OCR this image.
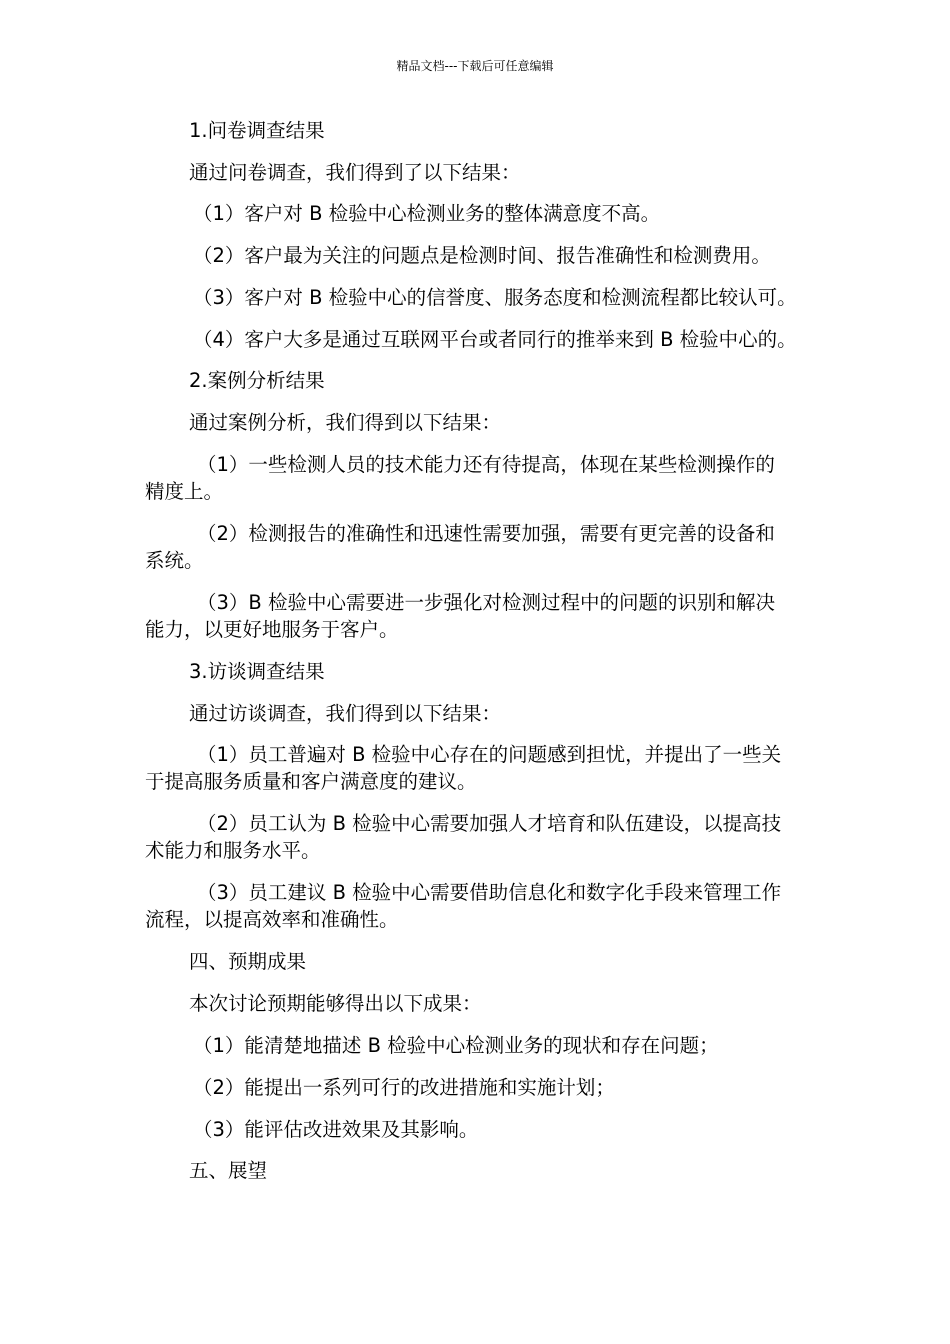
精品文档---下载后可任意编辑
1.问卷调查结果
通过问卷调查，我们得到了以下结果：
（1）客户对 B 检验中心检测业务的整体满意度不高。
（2）客户最为关注的问题点是检测时间、报告准确性和检测费用。
（3）客户对 B 检验中心的信誉度、服务态度和检测流程都比较认可。
（4）客户大多是通过互联网平台或者同行的推举来到 B 检验中心的。
2.案例分析结果
通过案例分析，我们得到以下结果：
（1）一些检测人员的技术能力还有待提高，体现在某些检测操作的
精度上。
（2）检测报告的准确性和迅速性需要加强，需要有更完善的设备和
系统。
（3）B 检验中心需要进一步强化对检测过程中的问题的识别和解决
能力，以更好地服务于客户。
3.访谈调查结果
通过访谈调查，我们得到以下结果：
（1）员工普遍对 B 检验中心存在的问题感到担忧，并提出了一些关
于提高服务质量和客户满意度的建议。
（2）员工认为 B 检验中心需要加强人才培育和队伍建设，以提高技
术能力和服务水平。
（3）员工建议 B 检验中心需要借助信息化和数字化手段来管理工作
流程，以提高效率和准确性。
四、预期成果
本次讨论预期能够得出以下成果：
（1）能清楚地描述 B 检验中心检测业务的现状和存在问题；
（2）能提出一系列可行的改进措施和实施计划；
（3）能评估改进效果及其影响。
五、展望
